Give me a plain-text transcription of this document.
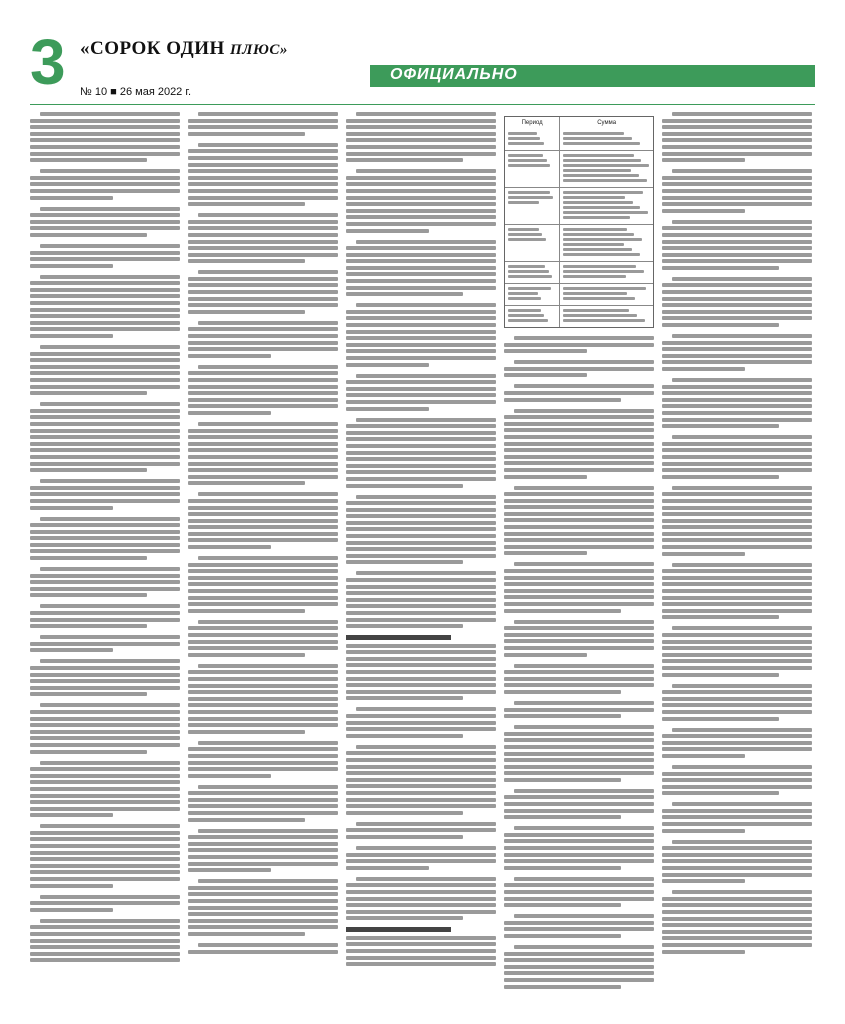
3 «СОРОК ОДИН ПЛЮС»
№ 10 ■ 26 мая 2022 г.
ОФИЦИАЛЬНО
Период	Сумма
